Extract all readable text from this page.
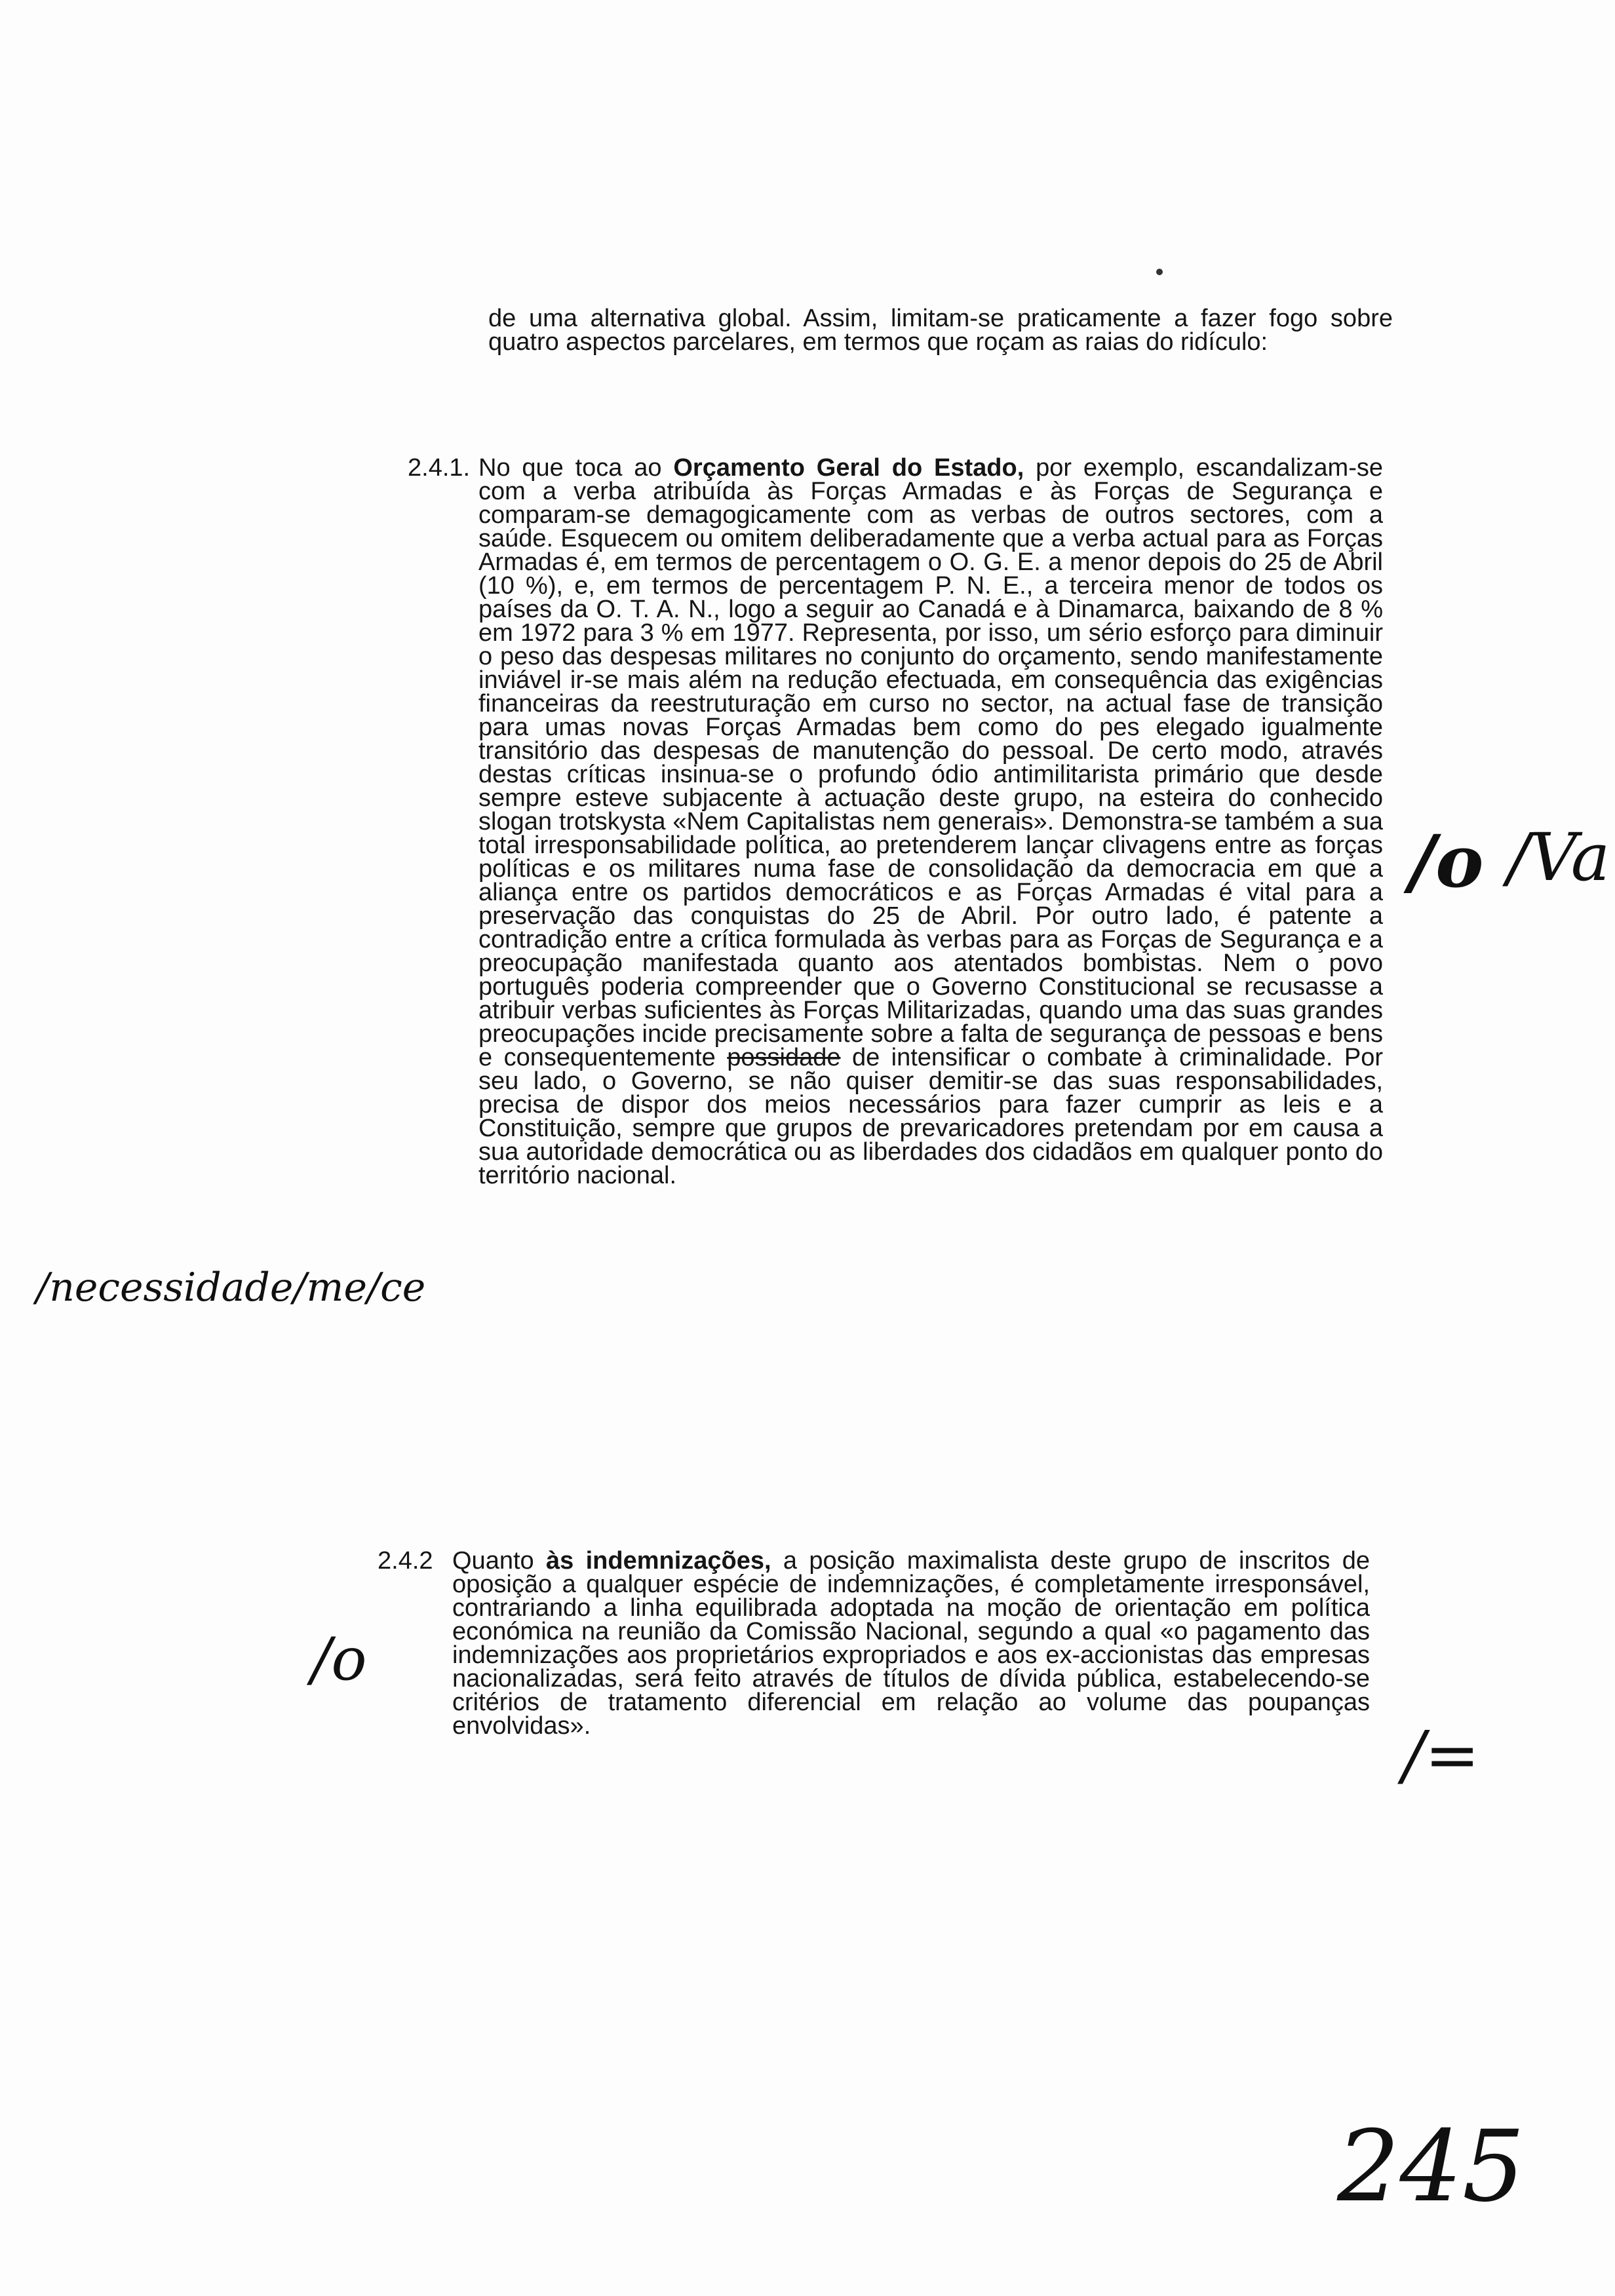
de uma alternativa global. Assim, limitam-se praticamente a fazer fogo sobre quatro aspectos parcelares, em termos que roçam as raias do ridículo:

2.4.1. No que toca ao Orçamento Geral do Estado, por exemplo, escandalizam-se com a verba atribuída às Forças Armadas e às Forças de Segurança e comparam-se demagogicamente com as verbas de outros sectores, com a saúde. Esquecem ou omitem deliberadamente que a verba actual para as Forças Armadas é, em termos de percentagem o O. G. E. a menor depois do 25 de Abril (10 %), e, em termos de percentagem P. N. E., a terceira menor de todos os países da O. T. A. N., logo a seguir ao Canadá e à Dinamarca, baixando de 8 % em 1972 para 3 % em 1977. Representa, por isso, um sério esforço para diminuir o peso das despesas militares no conjunto do orçamento, sendo manifestamente inviável ir-se mais além na redução efectuada, em consequência das exigências financeiras da reestruturação em curso no sector, na actual fase de transição para umas novas Forças Armadas bem como do pes elegado igualmente transitório das despesas de manutenção do pessoal. De certo modo, através destas críticas insinua-se o profundo ódio antimilitarista primário que desde sempre esteve subjacente à actuação deste grupo, na esteira do conhecido slogan trotskysta «Nem Capitalistas nem generais». Demonstra-se também a sua total irresponsabilidade política, ao pretenderem lançar clivagens entre as forças políticas e os militares numa fase de consolidação da democracia em que a aliança entre os partidos democráticos e as Forças Armadas é vital para a preservação das conquistas do 25 de Abril. Por outro lado, é patente a contradição entre a crítica formulada às verbas para as Forças de Segurança e a preocupação manifestada quanto aos atentados bombistas. Nem o povo português poderia compreender que o Governo Constitucional se recusasse a atribuir verbas suficientes às Forças Militarizadas, quando uma das suas grandes preocupações incide precisamente sobre a falta de segurança de pessoas e bens e consequentemente possidade de intensificar o combate à criminalidade. Por seu lado, o Governo, se não quiser demitir-se das suas responsabilidades, precisa de dispor dos meios necessários para fazer cumprir as leis e a Constituição, sempre que grupos de prevaricadores pretendam por em causa a sua autoridade democrática ou as liberdades dos cidadãos em qualquer ponto do território nacional.

2.4.2 Quanto às indemnizações, a posição maximalista deste grupo de inscritos de oposição a qualquer espécie de indemnizações, é completamente irresponsável, contrariando a linha equilibrada adoptada na moção de orientação em política económica na reunião da Comissão Nacional, segundo a qual «o pagamento das indemnizações aos proprietários expropriados e aos ex-accionistas das empresas nacionalizadas, será feito através de títulos de dívida pública, estabelecendo-se critérios de tratamento diferencial em relação ao volume das poupanças envolvidas».

/o /Va
/necessidade/me/ce
/o
/=
245
